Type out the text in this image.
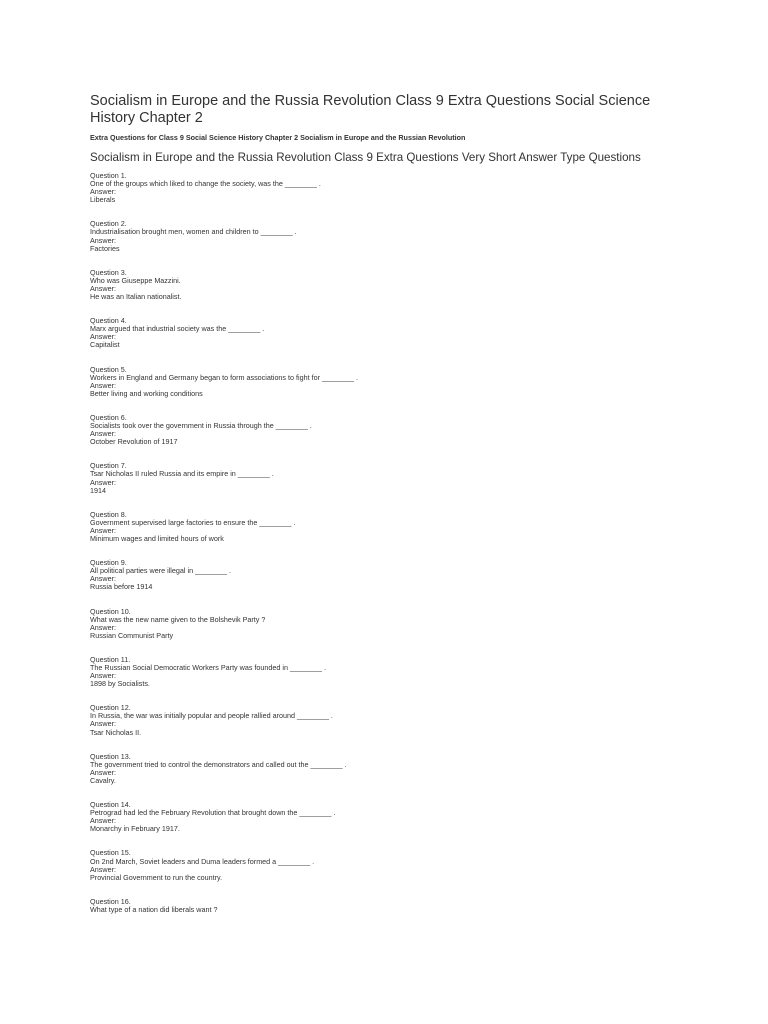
Socialism in Europe and the Russia Revolution Class 9 Extra Questions Social Science History Chapter 2
Extra Questions for Class 9 Social Science History Chapter 2 Socialism in Europe and the Russian Revolution
Socialism in Europe and the Russia Revolution Class 9 Extra Questions Very Short Answer Type Questions
Question 1.
One of the groups which liked to change the society, was the ________ .
Answer:
Liberals
Question 2.
Industrialisation brought men, women and children to ________ .
Answer:
Factories
Question 3.
Who was Giuseppe Mazzini.
Answer:
He was an Italian nationalist.
Question 4.
Marx argued that industrial society was the ________ .
Answer:
Capitalist
Question 5.
Workers in England and Germany began to form associations to fight for ________ .
Answer:
Better living and working conditions
Question 6.
Socialists took over the government in Russia through the ________ .
Answer:
October Revolution of 1917
Question 7.
Tsar Nicholas II ruled Russia and its empire in ________ .
Answer:
1914
Question 8.
Government supervised large factories to ensure the ________ .
Answer:
Minimum wages and limited hours of work
Question 9.
All political parties were illegal in ________ .
Answer:
Russia before 1914
Question 10.
What was the new name given to the Bolshevik Party ?
Answer:
Russian Communist Party
Question 11.
The Russian Social Democratic Workers Party was founded in ________ .
Answer:
1898 by Socialists.
Question 12.
In Russia, the war was initially popular and people rallied around ________ .
Answer:
Tsar Nicholas II.
Question 13.
The government tried to control the demonstrators and called out the ________ .
Answer:
Cavalry.
Question 14.
Petrograd had led the February Revolution that brought down the ________ .
Answer:
Monarchy in February 1917.
Question 15.
On 2nd March, Soviet leaders and Duma leaders formed a ________ .
Answer:
Provincial Government to run the country.
Question 16.
What type of a nation did liberals want ?
